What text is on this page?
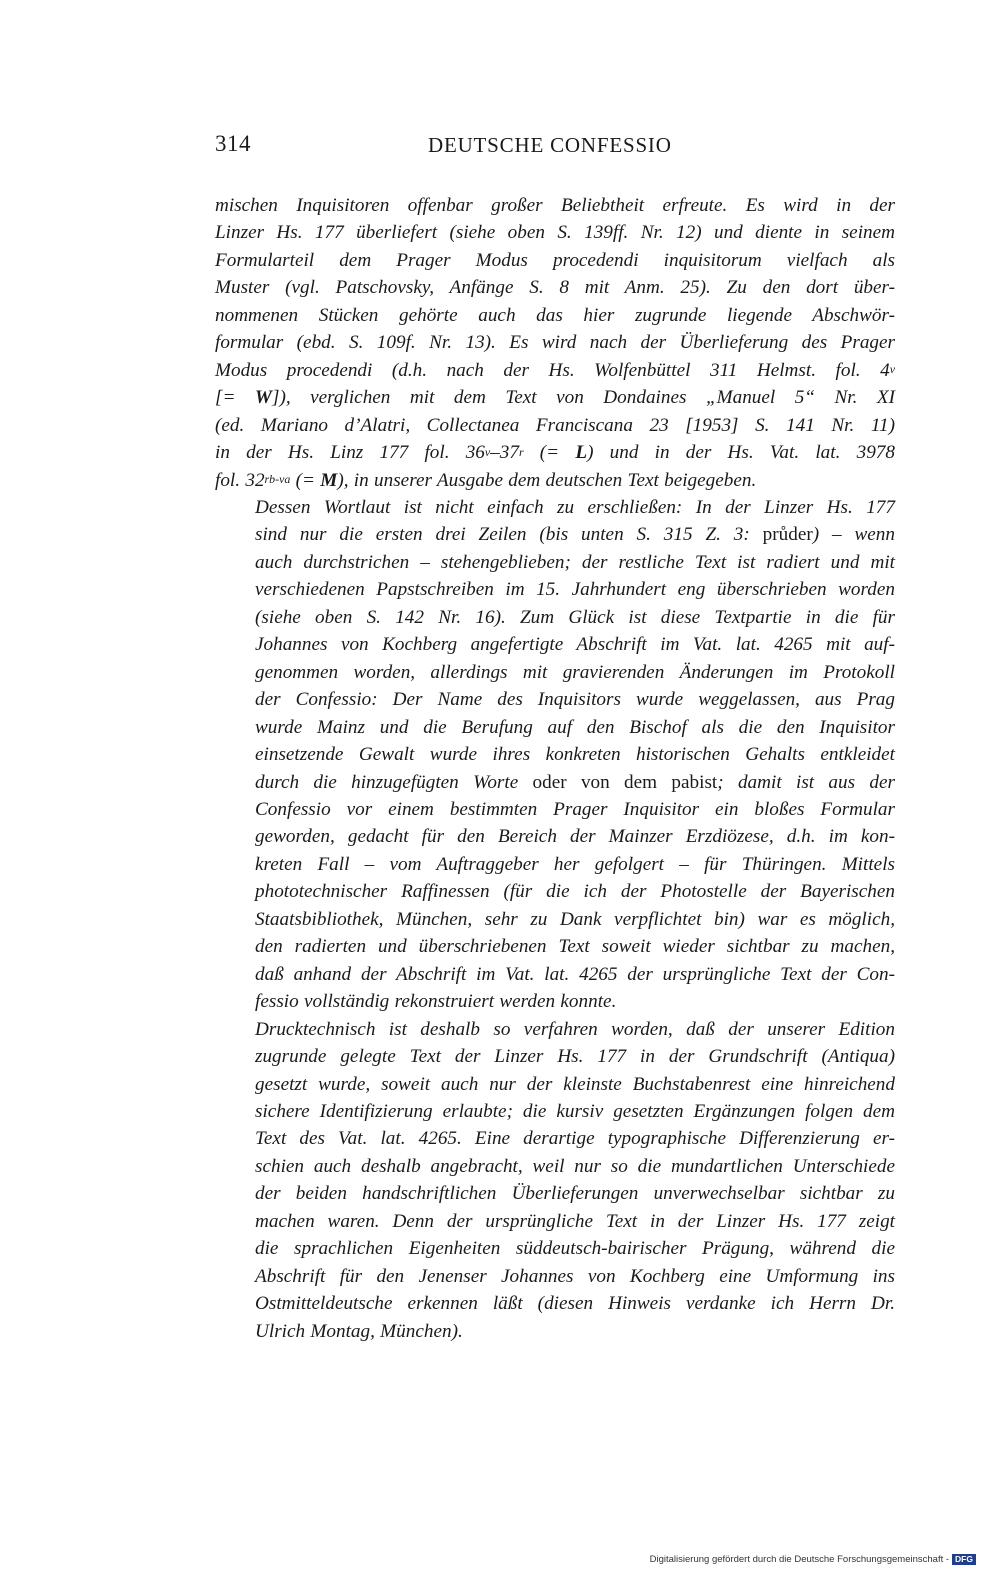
314	DEUTSCHE CONFESSIO

mischen Inquisitoren offenbar großer Beliebtheit erfreute. Es wird in der
Linzer Hs. 177 überliefert (siehe oben S. 139ff. Nr. 12) und diente in seinem
Formularteil dem Prager Modus procedendi inquisitorum vielfach als
Muster (vgl. Patschovsky, Anfänge S. 8 mit Anm. 25). Zu den dort über-
nommenen Stücken gehörte auch das hier zugrunde liegende Abschwör-
formular (ebd. S. 109f. Nr. 13). Es wird nach der Überlieferung des Prager
Modus procedendi (d.h. nach der Hs. Wolfenbüttel 311 Helmst. fol. 4$^v$
[= W]), verglichen mit dem Text von Dondaines „Manuel 5“ Nr. XI
(ed. Mariano d’Alatri, Collectanea Franciscana 23 [1953] S. 141 Nr. 11)
in der Hs. Linz 177 fol. 36$^v$–37$^r$ (= L) und in der Hs. Vat. lat. 3978
fol. $32^{rb-va}$ (= M), in unserer Ausgabe dem deutschen Text beigegeben.

Dessen Wortlaut ist nicht einfach zu erschließen: In der Linzer Hs. 177
sind nur die ersten drei Zeilen (bis unten S. 315 Z. 3: průder) – wenn
auch durchstrichen – stehengeblieben; der restliche Text ist radiert und mit
verschiedenen Papstschreiben im 15. Jahrhundert eng überschrieben worden
(siehe oben S. 142 Nr. 16). Zum Glück ist diese Textpartie in die für
Johannes von Kochberg angefertigte Abschrift im Vat. lat. 4265 mit auf-
genommen worden, allerdings mit gravierenden Änderungen im Protokoll
der Confessio: Der Name des Inquisitors wurde weggelassen, aus Prag
wurde Mainz und die Berufung auf den Bischof als die den Inquisitor
einsetzende Gewalt wurde ihres konkreten historischen Gehalts entkleidet
durch die hinzugefügten Worte oder von dem pabist; damit ist aus der
Confessio vor einem bestimmten Prager Inquisitor ein bloßes Formular
geworden, gedacht für den Bereich der Mainzer Erzdiözese, d.h. im kon-
kreten Fall – vom Auftraggeber her gefolgert – für Thüringen. Mittels
phototechnischer Raffinessen (für die ich der Photostelle der Bayerischen
Staatsbibliothek, München, sehr zu Dank verpflichtet bin) war es möglich,
den radierten und überschriebenen Text soweit wieder sichtbar zu machen,
daß anhand der Abschrift im Vat. lat. 4265 der ursprüngliche Text der Con-
fessio vollständig rekonstruiert werden konnte.

Drucktechnisch ist deshalb so verfahren worden, daß der unserer Edition
zugrunde gelegte Text der Linzer Hs. 177 in der Grundschrift (Antiqua)
gesetzt wurde, soweit auch nur der kleinste Buchstabenrest eine hinreichend
sichere Identifizierung erlaubte; die kursiv gesetzten Ergänzungen folgen dem
Text des Vat. lat. 4265. Eine derartige typographische Differenzierung er-
schien auch deshalb angebracht, weil nur so die mundartlichen Unterschiede
der beiden handschriftlichen Überlieferungen unverwechselbar sichtbar zu
machen waren. Denn der ursprüngliche Text in der Linzer Hs. 177 zeigt
die sprachlichen Eigenheiten süddeutsch-bairischer Prägung, während die
Abschrift für den Jenenser Johannes von Kochberg eine Umformung ins
Ostmitteldeutsche erkennen läßt (diesen Hinweis verdanke ich Herrn Dr.
Ulrich Montag, München).

Digitalisierung gefördert durch die Deutsche Forschungsgemeinschaft - DFG
